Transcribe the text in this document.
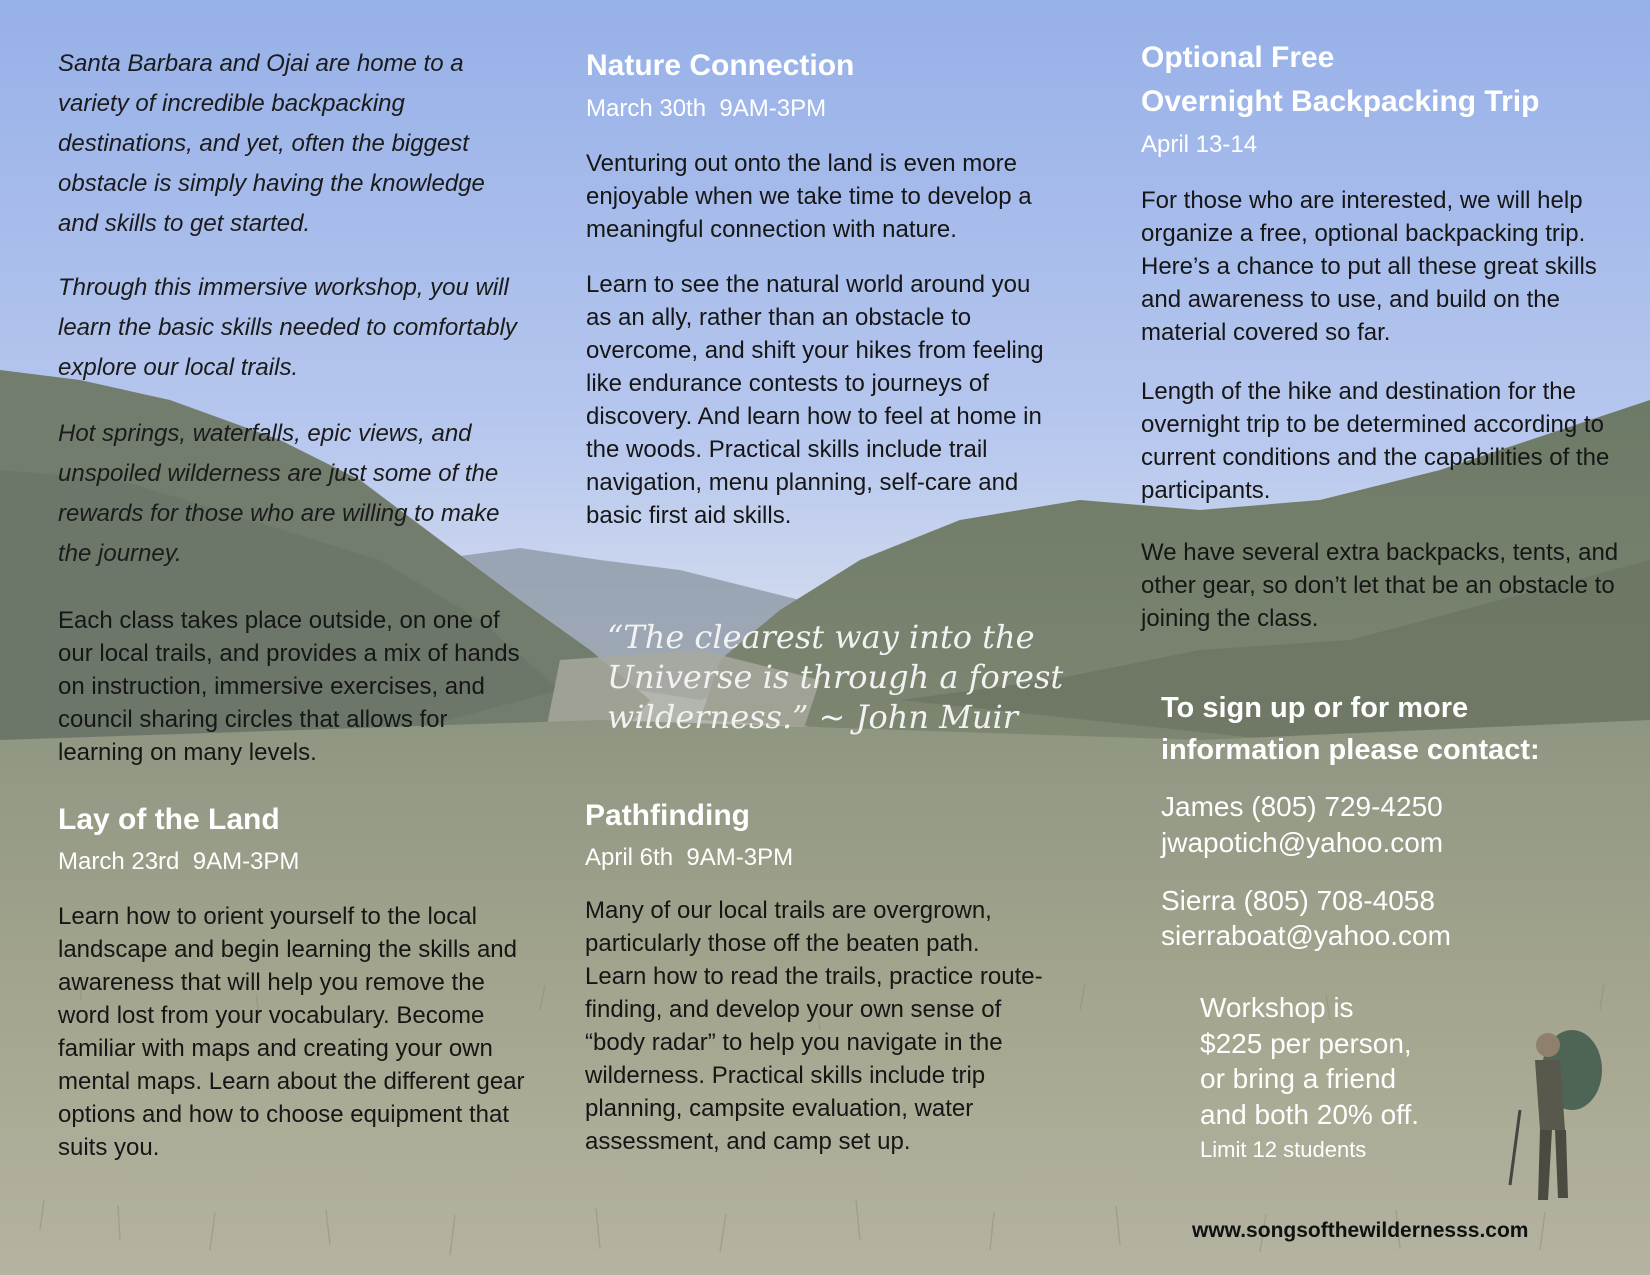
Santa Barbara and Ojai are home to a variety of incredible backpacking destinations, and yet, often the biggest obstacle is simply having the knowledge and skills to get started.

Through this immersive workshop, you will learn the basic skills needed to comfortably explore our local trails.

Hot springs, waterfalls, epic views, and unspoiled wilderness are just some of the rewards for those who are willing to make the journey.

Each class takes place outside, on one of our local trails, and provides a mix of hands on instruction, immersive exercises, and council sharing circles that allows for learning on many levels.

Lay of the Land

March 23rd  9AM-3PM

Learn how to orient yourself to the local landscape and begin learning the skills and awareness that will help you remove the word lost from your vocabulary. Become familiar with maps and creating your own mental maps. Learn about the different gear options and how to choose equipment that suits you.

Nature Connection

March 30th  9AM-3PM

Venturing out onto the land is even more enjoyable when we take time to develop a meaningful connection with nature.

Learn to see the natural world around you as an ally, rather than an obstacle to overcome, and shift your hikes from feeling like endurance contests to journeys of discovery. And learn how to feel at home in the woods. Practical skills include trail navigation, menu planning, self-care and basic first aid skills.

“The clearest way into the Universe is through a forest wilderness.” ~ John Muir

Pathfinding

April 6th  9AM-3PM

Many of our local trails are overgrown, particularly those off the beaten path. Learn how to read the trails, practice route-finding, and develop your own sense of “body radar” to help you navigate in the wilderness. Practical skills include trip planning, campsite evaluation, water assessment, and camp set up.

Optional Free
Overnight Backpacking Trip

April 13-14

For those who are interested, we will help organize a free, optional backpacking trip. Here’s a chance to put all these great skills and awareness to use, and build on the material covered so far.

Length of the hike and destination for the overnight trip to be determined according to current conditions and the capabilities of the participants.

We have several extra backpacks, tents, and other gear, so don’t let that be an obstacle to joining the class.

To sign up or for more information please contact:

James (805) 729-4250

jwapotich@yahoo.com

Sierra (805) 708-4058

sierraboat@yahoo.com

Workshop is

$225 per person,

or bring a friend

and both 20% off.

Limit 12 students

www.songsofthewildernesss.com
